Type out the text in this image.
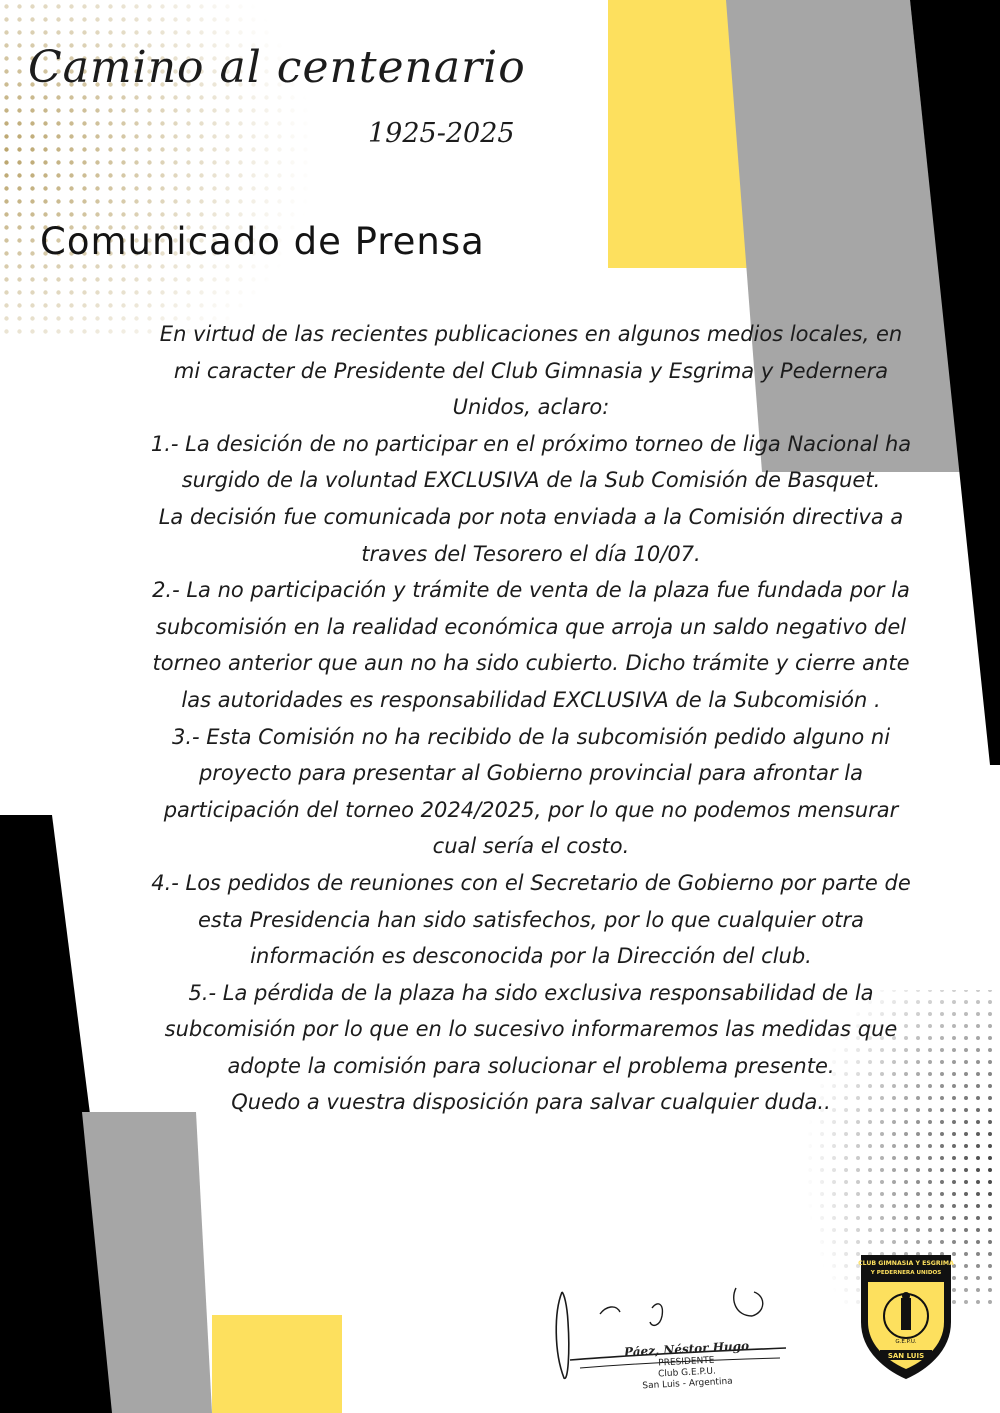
Camino al centenario
1925-2025
Comunicado de Prensa

En virtud de las recientes publicaciones en algunos medios locales, en mi caracter de Presidente del Club Gimnasia y Esgrima y Pedernera Unidos, aclaro:

1.- La desición de no participar en el próximo torneo de liga Nacional ha surgido de la voluntad EXCLUSIVA de la Sub Comisión de Basquet.

La decisión fue comunicada por nota enviada a la Comisión directiva a traves del Tesorero el día 10/07.

2.- La no participación y trámite de venta de la plaza fue fundada por la subcomisión en la realidad económica que arroja un saldo negativo del torneo anterior que aun no ha sido cubierto. Dicho trámite y cierre ante las autoridades es responsabilidad EXCLUSIVA de la Subcomisión .

3.- Esta Comisión no ha recibido de la subcomisión pedido alguno ni proyecto para presentar al Gobierno provincial para afrontar la participación del torneo 2024/2025, por lo que no podemos mensurar cual sería el costo.

4.- Los pedidos de reuniones con el Secretario de Gobierno por parte de esta Presidencia han sido satisfechos, por lo que cualquier otra información es desconocida por la Dirección del club.

5.- La pérdida de la plaza ha sido exclusiva responsabilidad de la subcomisión por lo que en lo sucesivo informaremos las medidas que adopte la comisión para solucionar el problema presente.

Quedo a vuestra disposición para salvar cualquier duda..

Páez, Néstor Hugo
PRESIDENTE
Club G.E.P.U.
San Luis - Argentina
CLUB GIMNASIA Y ESGRIMA
Y PEDERNERA UNIDOS
G.E.P.U.
SAN LUIS
